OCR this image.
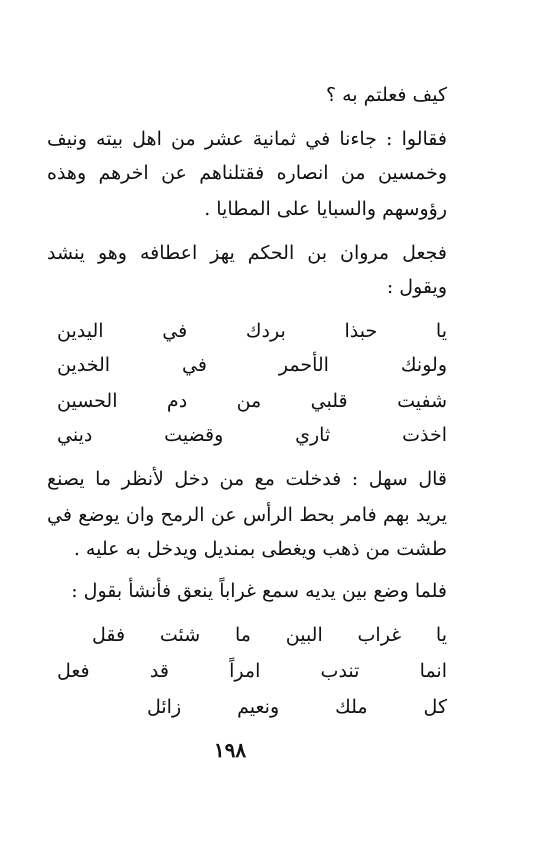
كيف فعلتم به ؟
فقالوا : جاءنا في ثمانية عشر من اهل بيته ونيف
وخمسين من انصاره فقتلناهم عن اخرهم وهذه
رؤوسهم والسبايا على المطايا .
فجعل مروان بن الحكم يهز اعطافه وهو ينشد
ويقول :
يا حبذا بردك في اليدين
ولونك الأحمر في الخدين
شفيت قلبي من دم الحسين
اخذت ثاري وقضيت ديني
قال سهل : فدخلت مع من دخل لأنظر ما يصنع
يريد بهم فامر بحط الرأس عن الرمح وان يوضع في
طشت من ذهب ويغطى بمنديل ويدخل به عليه .
فلما وضع بين يديه سمع غراباً ينعق فأنشأ بقول :
يا غراب البين ما شئت فقل
انما تندب امراً قد فعل
كل ملك ونعيم زائل
١٩٨
